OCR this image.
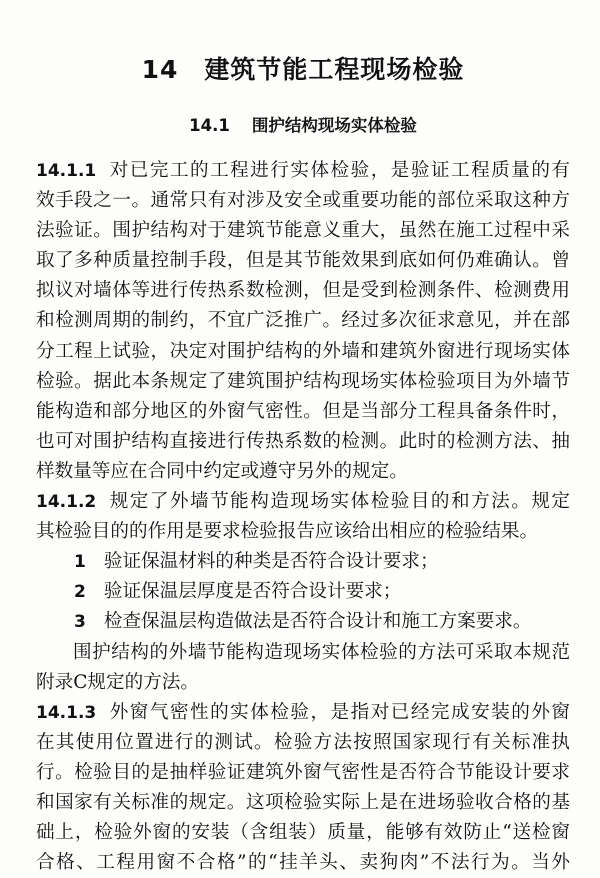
14 建筑节能工程现场检验
14.1 围护结构现场实体检验
14.1.1 对已完工的工程进行实体检验，是验证工程质量的有
效手段之一。通常只有对涉及安全或重要功能的部位采取这种方
法验证。围护结构对于建筑节能意义重大，虽然在施工过程中采
取了多种质量控制手段，但是其节能效果到底如何仍难确认。曾
拟议对墙体等进行传热系数检测，但是受到检测条件、检测费用
和检测周期的制约，不宜广泛推广。经过多次征求意见，并在部
分工程上试验，决定对围护结构的外墙和建筑外窗进行现场实体
检验。据此本条规定了建筑围护结构现场实体检验项目为外墙节
能构造和部分地区的外窗气密性。但是当部分工程具备条件时，
也可对围护结构直接进行传热系数的检测。此时的检测方法、抽
样数量等应在合同中约定或遵守另外的规定。
14.1.2 规定了外墙节能构造现场实体检验目的和方法。规定
其检验目的的作用是要求检验报告应该给出相应的检验结果。
1 验证保温材料的种类是否符合设计要求；
2 验证保温层厚度是否符合设计要求；
3 检查保温层构造做法是否符合设计和施工方案要求。
围护结构的外墙节能构造现场实体检验的方法可采取本规范
附录C规定的方法。
14.1.3 外窗气密性的实体检验，是指对已经完成安装的外窗
在其使用位置进行的测试。检验方法按照国家现行有关标准执
行。检验目的是抽样验证建筑外窗气密性是否符合节能设计要求
和国家有关标准的规定。这项检验实际上是在进场验收合格的基
础上，检验外窗的安装（含组装）质量，能够有效防止“送检窗
合格、工程用窗不合格”的“挂羊头、卖狗肉”不法行为。当外
